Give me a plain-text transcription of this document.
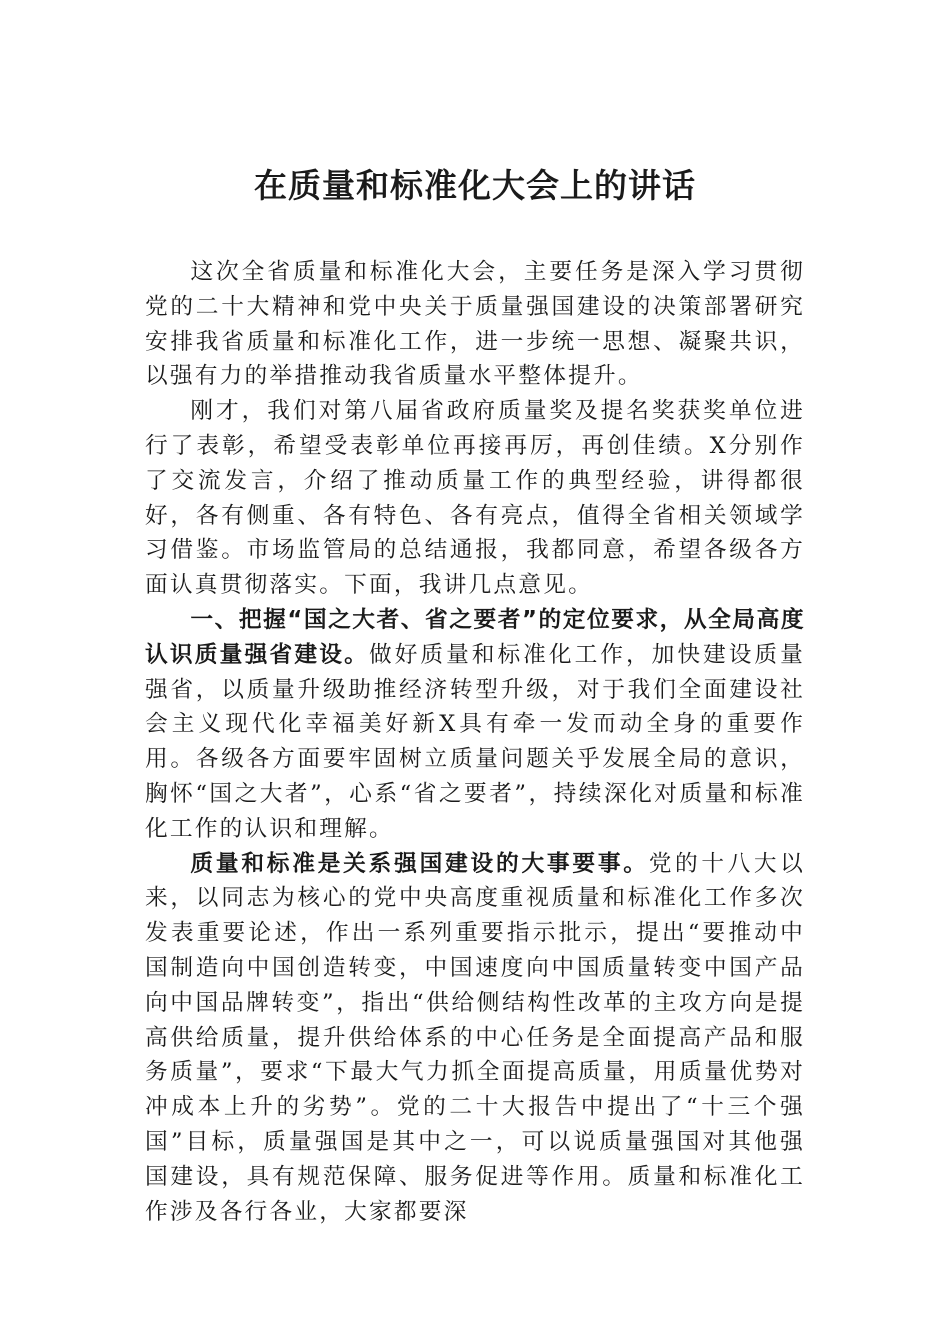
在质量和标准化大会上的讲话

这次全省质量和标准化大会，主要任务是深入学习贯彻党的二十大精神和党中央关于质量强国建设的决策部署研究安排我省质量和标准化工作，进一步统一思想、凝聚共识，以强有力的举措推动我省质量水平整体提升。

刚才，我们对第八届省政府质量奖及提名奖获奖单位进行了表彰，希望受表彰单位再接再厉，再创佳绩。X分别作了交流发言，介绍了推动质量工作的典型经验，讲得都很好，各有侧重、各有特色、各有亮点，值得全省相关领域学习借鉴。市场监管局的总结通报，我都同意，希望各级各方面认真贯彻落实。下面，我讲几点意见。

一、把握“国之大者、省之要者”的定位要求，从全局高度认识质量强省建设。做好质量和标准化工作，加快建设质量强省，以质量升级助推经济转型升级，对于我们全面建设社会主义现代化幸福美好新X具有牵一发而动全身的重要作用。各级各方面要牢固树立质量问题关乎发展全局的意识，胸怀“国之大者”，心系“省之要者”，持续深化对质量和标准化工作的认识和理解。

质量和标准是关系强国建设的大事要事。党的十八大以来，以同志为核心的党中央高度重视质量和标准化工作多次发表重要论述，作出一系列重要指示批示，提出“要推动中国制造向中国创造转变，中国速度向中国质量转变中国产品向中国品牌转变”，指出“供给侧结构性改革的主攻方向是提高供给质量，提升供给体系的中心任务是全面提高产品和服务质量”，要求“下最大气力抓全面提高质量，用质量优势对冲成本上升的劣势”。党的二十大报告中提出了“十三个强国”目标，质量强国是其中之一，可以说质量强国对其他强国建设，具有规范保障、服务促进等作用。质量和标准化工作涉及各行各业，大家都要深
